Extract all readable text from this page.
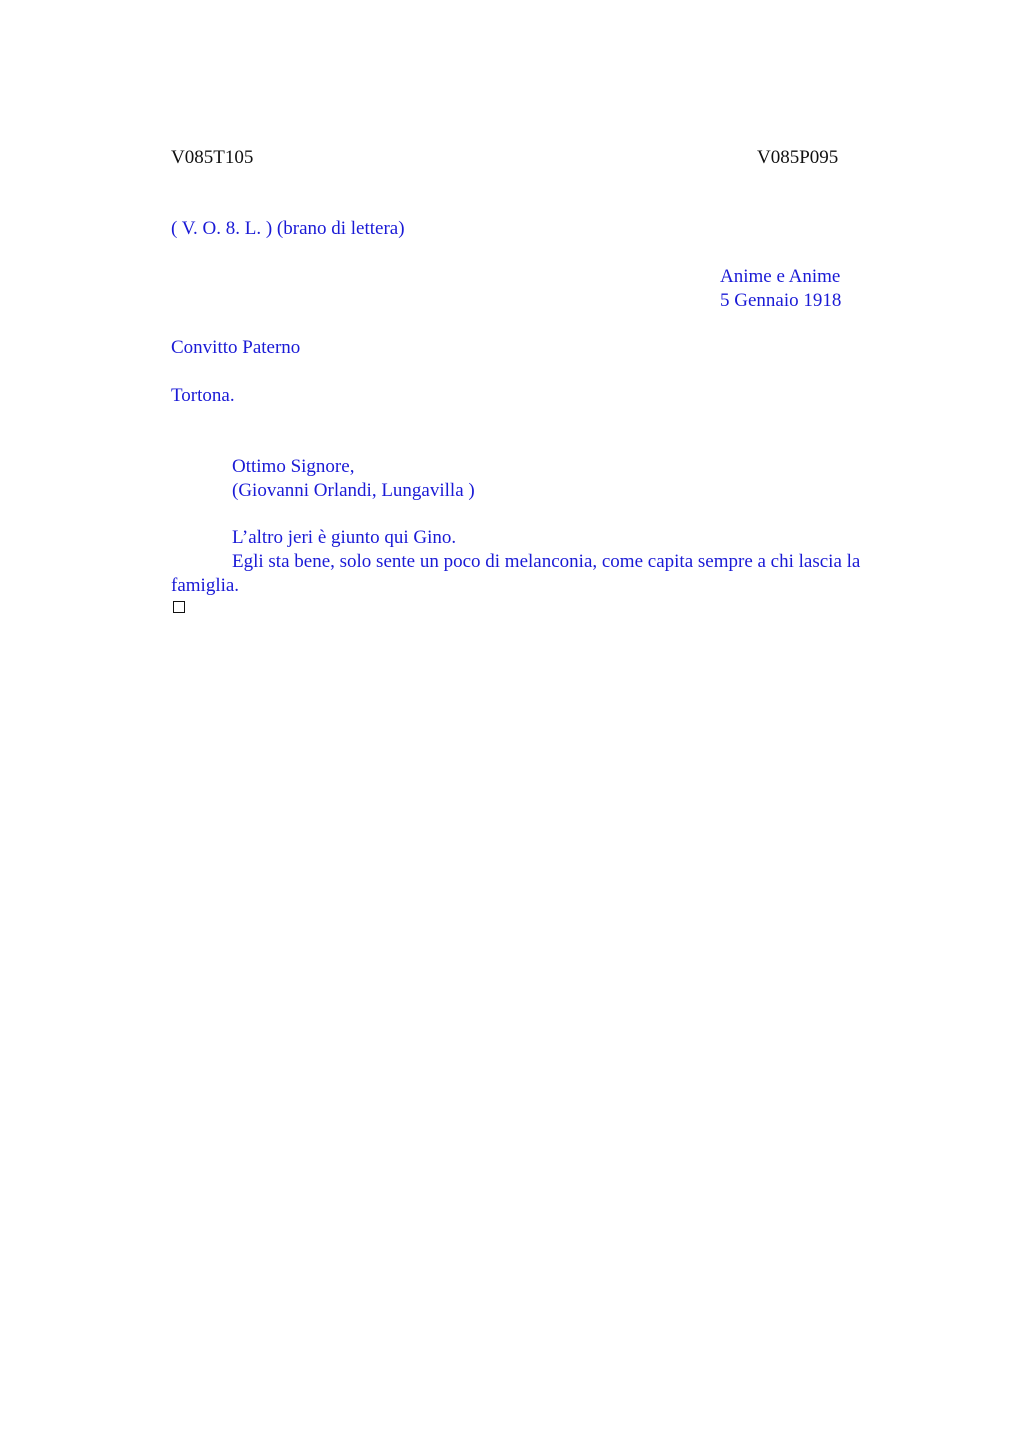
V085T105	V085P095
( V. O. 8. L. ) (brano di lettera)
Anime e Anime
5 Gennaio 1918
Convitto Paterno
Tortona.
Ottimo Signore,
(Giovanni Orlandi, Lungavilla )

L’altro jeri è giunto qui Gino.

Egli sta bene, solo sente un poco di melanconia, come capita sempre a chi lascia la famiglia.
